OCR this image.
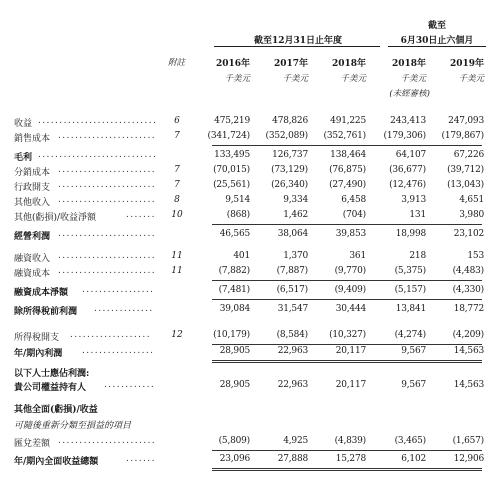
截至12月31日止年度
截至
6月30日止六個月
附註	2016年	2017年	2018年	2018年	2019年
千美元	千美元	千美元	千美元	千美元
(未經審核)
收益 ............................	6	475,219	478,826	491,225	243,413	247,093
銷售成本 .......................	7	(341,724)	(352,089)	(352,761)	(179,306)	(179,867)
毛利 ............................	133,495	126,737	138,464	64,107	67,226
分銷成本 .......................	7	(70,015)	(73,129)	(76,875)	(36,677)	(39,712)
行政開支 .......................	7	(25,561)	(26,340)	(27,490)	(12,476)	(13,043)
其他收入 .......................	8	9,514	9,334	6,458	3,913	4,651
其他(虧損)/收益淨額	.......	10	(868)	1,462	(704)	131	3,980
經營利潤 .......................	46,565	38,064	39,853	18,998	23,102
融資收入 .......................	11	401	1,370	361	218	153
融資成本 .......................	11	(7,882)	(7,887)	(9,770)	(5,375)	(4,483)
融資成本淨額 .................	(7,481)	(6,517)	(9,409)	(5,157)	(4,330)
除所得稅前利潤 ..............	39,084	31,547	30,444	13,841	18,772
所得稅開支 ...................	12	(10,179)	(8,584)	(10,327)	(4,274)	(4,209)
年/期內利潤 .................	28,905	22,963	20,117	9,567	14,563
以下人士應佔利潤:
貴公司權益持有人 ............	28,905	22,963	20,117	9,567	14,563
其他全面(虧損)/收益
可隨後重新分類至損益的項目
匯兌差額 .......................	(5,809)	4,925	(4,839)	(3,465)	(1,657)
年/期內全面收益總額	.......	23,096	27,888	15,278	6,102	12,906
